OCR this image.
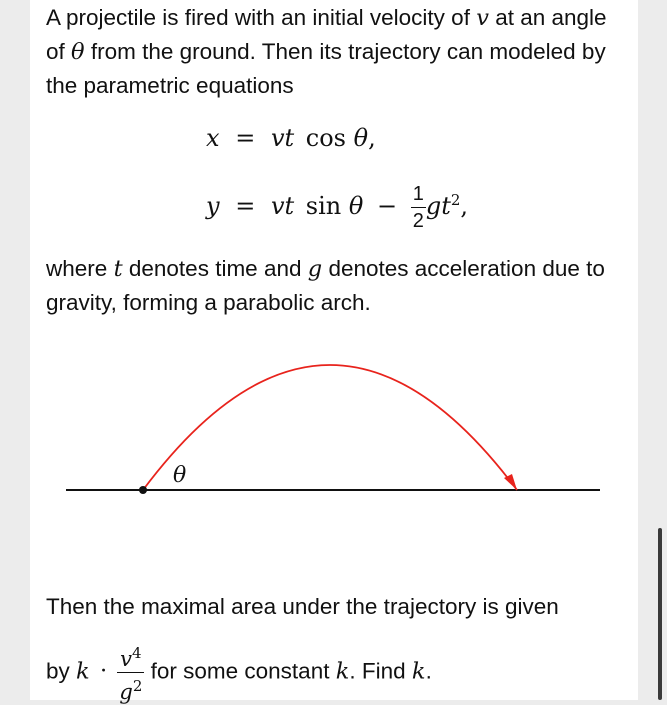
A projectile is fired with an initial velocity of v at an angle of θ from the ground. Then its trajectory can modeled by the parametric equations

x = vt cos θ,
y = vt $\sin \theta - \frac{1}{2} gt^2$,

where t denotes time and g denotes acceleration due to gravity, forming a parabolic arch.

θ

Then the maximal area under the trajectory is given

by $k \cdot \frac{v^4}{g^2}$ for some constant k. Find k.
